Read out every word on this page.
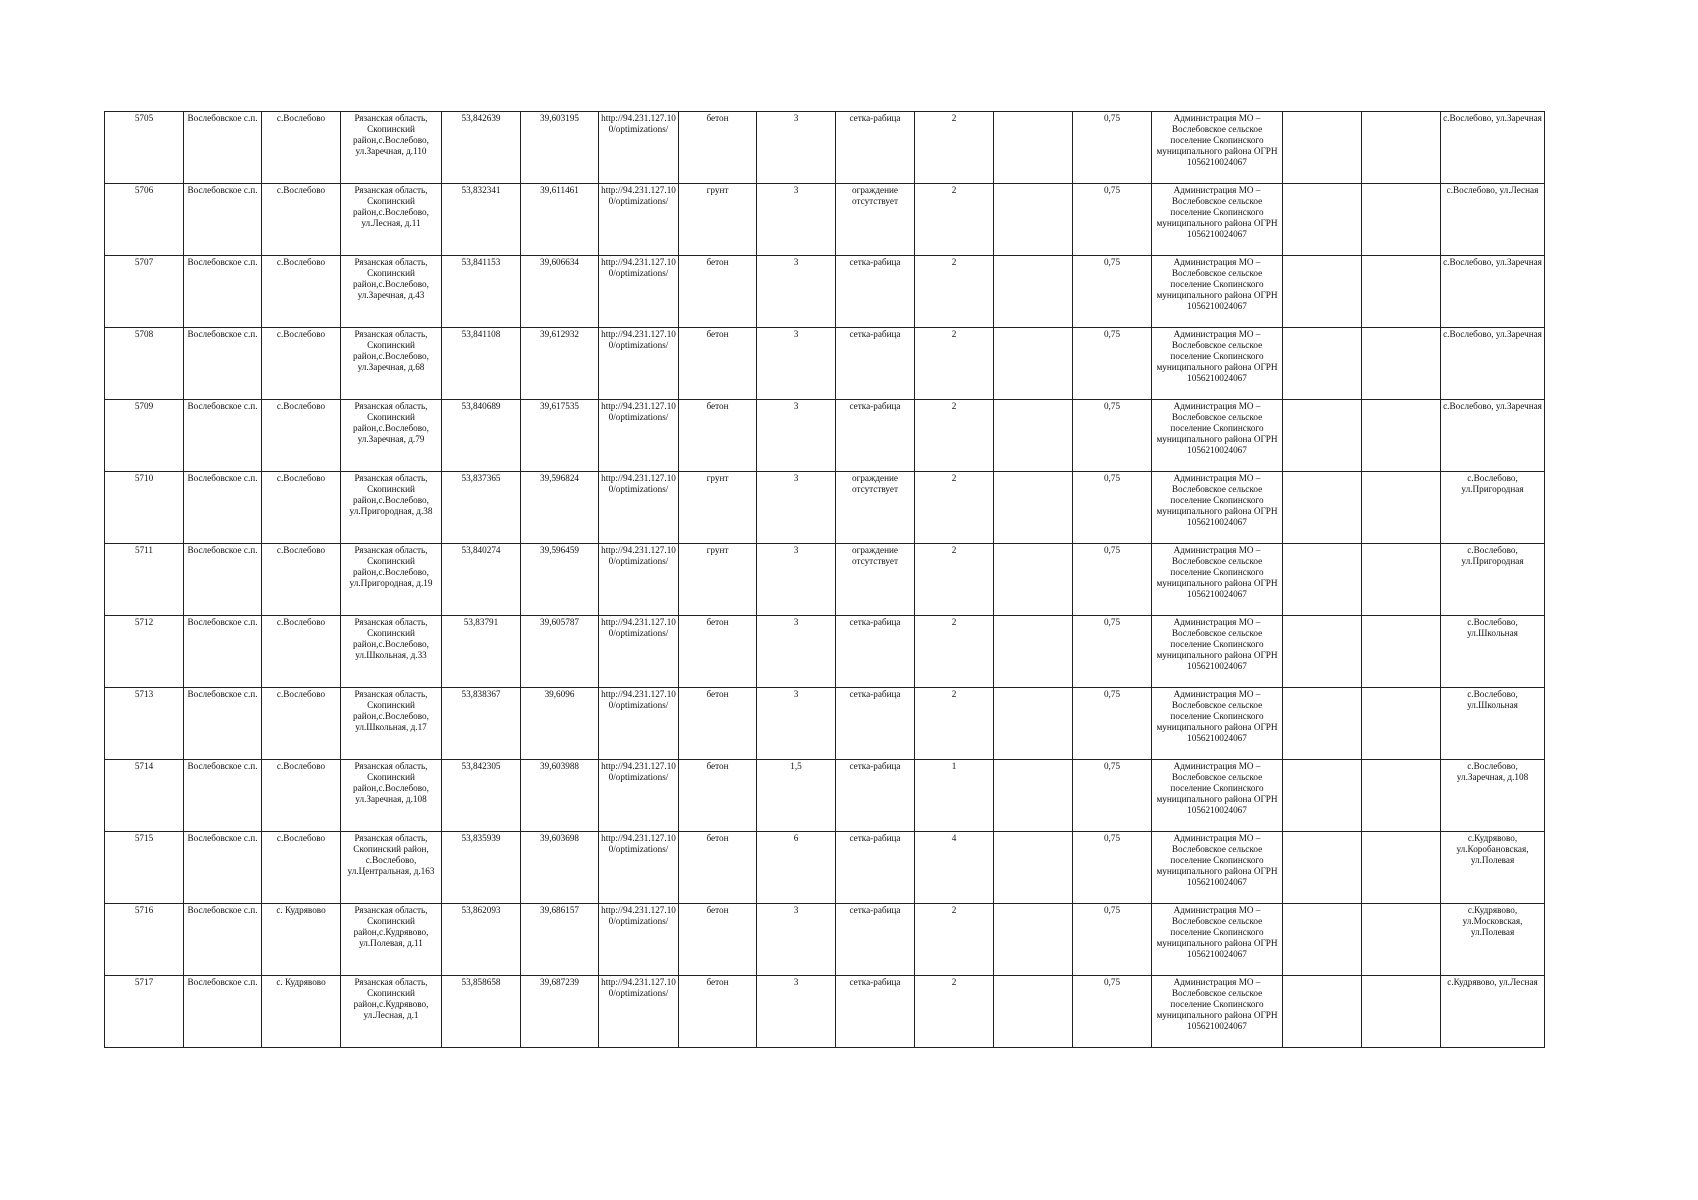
5705	Вослебовское с.п.	с.Вослебово	Рязанская область, Скопинский район,с.Вослебово, ул.Заречная, д.110	53,842639	39,603195	http://94.231.127.100/optimizations/	бетон	3	сетка-рабица	2		0,75	Администрация МО – Вослебовское сельское поселение Скопинского муниципального района ОГРН 1056210024067			с.Вослебово, ул.Заречная
5706	Вослебовское с.п.	с.Вослебово	Рязанская область, Скопинский район,с.Вослебово, ул.Лесная, д.11	53,832341	39,611461	http://94.231.127.100/optimizations/	грунт	3	ограждение отсутствует	2		0,75	Администрация МО – Вослебовское сельское поселение Скопинского муниципального района ОГРН 1056210024067			с.Вослебово, ул.Лесная
5707	Вослебовское с.п.	с.Вослебово	Рязанская область, Скопинский район,с.Вослебово, ул.Заречная, д.43	53,841153	39,606634	http://94.231.127.100/optimizations/	бетон	3	сетка-рабица	2		0,75	Администрация МО – Вослебовское сельское поселение Скопинского муниципального района ОГРН 1056210024067			с.Вослебово, ул.Заречная
5708	Вослебовское с.п.	с.Вослебово	Рязанская область, Скопинский район,с.Вослебово, ул.Заречная, д.68	53,841108	39,612932	http://94.231.127.100/optimizations/	бетон	3	сетка-рабица	2		0,75	Администрация МО – Вослебовское сельское поселение Скопинского муниципального района ОГРН 1056210024067			с.Вослебово, ул.Заречная
5709	Вослебовское с.п.	с.Вослебово	Рязанская область, Скопинский район,с.Вослебово, ул.Заречная, д.79	53,840689	39,617535	http://94.231.127.100/optimizations/	бетон	3	сетка-рабица	2		0,75	Администрация МО – Вослебовское сельское поселение Скопинского муниципального района ОГРН 1056210024067			с.Вослебово, ул.Заречная
5710	Вослебовское с.п.	с.Вослебово	Рязанская область, Скопинский район,с.Вослебово, ул.Пригородная, д.38	53,837365	39,596824	http://94.231.127.100/optimizations/	грунт	3	ограждение отсутствует	2		0,75	Администрация МО – Вослебовское сельское поселение Скопинского муниципального района ОГРН 1056210024067			с.Вослебово, ул.Пригородная
5711	Вослебовское с.п.	с.Вослебово	Рязанская область, Скопинский район,с.Вослебово, ул.Пригородная, д.19	53,840274	39,596459	http://94.231.127.100/optimizations/	грунт	3	ограждение отсутствует	2		0,75	Администрация МО – Вослебовское сельское поселение Скопинского муниципального района ОГРН 1056210024067			с.Вослебово, ул.Пригородная
5712	Вослебовское с.п.	с.Вослебово	Рязанская область, Скопинский район,с.Вослебово, ул.Школьная, д.33	53,83791	39,605787	http://94.231.127.100/optimizations/	бетон	3	сетка-рабица	2		0,75	Администрация МО – Вослебовское сельское поселение Скопинского муниципального района ОГРН 1056210024067			с.Вослебово, ул.Школьная
5713	Вослебовское с.п.	с.Вослебово	Рязанская область, Скопинский район,с.Вослебово, ул.Школьная, д.17	53,838367	39,6096	http://94.231.127.100/optimizations/	бетон	3	сетка-рабица	2		0,75	Администрация МО – Вослебовское сельское поселение Скопинского муниципального района ОГРН 1056210024067			с.Вослебово, ул.Школьная
5714	Вослебовское с.п.	с.Вослебово	Рязанская область, Скопинский район,с.Вослебово, ул.Заречная, д.108	53,842305	39,603988	http://94.231.127.100/optimizations/	бетон	1,5	сетка-рабица	1		0,75	Администрация МО – Вослебовское сельское поселение Скопинского муниципального района ОГРН 1056210024067			с.Вослебово, ул.Заречная, д.108
5715	Вослебовское с.п.	с.Вослебово	Рязанская область, Скопинский район, с.Вослебово, ул.Центральная, д.163	53,835939	39,603698	http://94.231.127.100/optimizations/	бетон	6	сетка-рабица	4		0,75	Администрация МО – Вослебовское сельское поселение Скопинского муниципального района ОГРН 1056210024067			с.Кудрявово, ул.Коробановская, ул.Полевая
5716	Вослебовское с.п.	с. Кудрявово	Рязанская область, Скопинский район,с.Кудрявово, ул.Полевая, д.11	53,862093	39,686157	http://94.231.127.100/optimizations/	бетон	3	сетка-рабица	2		0,75	Администрация МО – Вослебовское сельское поселение Скопинского муниципального района ОГРН 1056210024067			с.Кудрявово, ул.Московская, ул.Полевая
5717	Вослебовское с.п.	с. Кудрявово	Рязанская область, Скопинский район,с.Кудрявово, ул.Лесная, д.1	53,858658	39,687239	http://94.231.127.100/optimizations/	бетон	3	сетка-рабица	2		0,75	Администрация МО – Вослебовское сельское поселение Скопинского муниципального района ОГРН 1056210024067			с.Кудрявово, ул.Лесная
